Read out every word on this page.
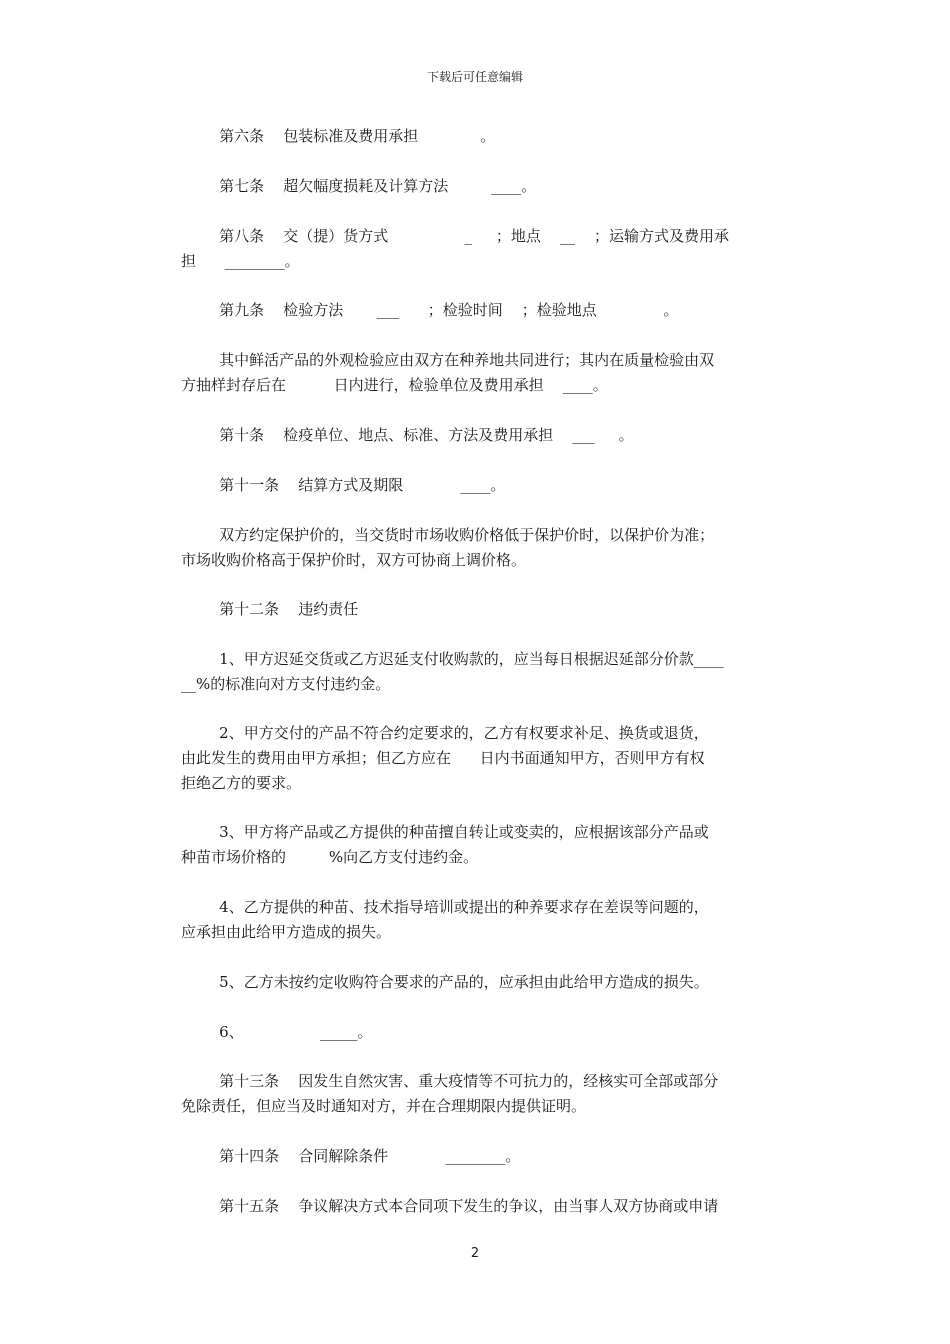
下载后可任意编辑
第六条    包装标准及费用承担             。
第七条    超欠幅度损耗及计算方法         ____。
第八条    交（提）货方式                _     ；地点    __    ；运输方式及费用承
担      ________。
第九条    检验方法       ___      ；检验时间    ；检验地点              。
其中鲜活产品的外观检验应由双方在种养地共同进行；其内在质量检验由双
方抽样封存后在          日内进行，检验单位及费用承担    ____。
第十条    检疫单位、地点、标准、方法及费用承担    ___     。
第十一条    结算方式及期限            ____。
双方约定保护价的，当交货时市场收购价格低于保护价时，以保护价为准；
市场收购价格高于保护价时，双方可协商上调价格。
第十二条    违约责任
1、甲方迟延交货或乙方迟延支付收购款的，应当每日根据迟延部分价款____
__%的标准向对方支付违约金。
2、甲方交付的产品不符合约定要求的，乙方有权要求补足、换货或退货，
由此发生的费用由甲方承担；但乙方应在      日内书面通知甲方，否则甲方有权
拒绝乙方的要求。
3、甲方将产品或乙方提供的种苗擅自转让或变卖的，应根据该部分产品或
种苗市场价格的         %向乙方支付违约金。
4、乙方提供的种苗、技术指导培训或提出的种养要求存在差误等问题的，
应承担由此给甲方造成的损失。
5、乙方未按约定收购符合要求的产品的，应承担由此给甲方造成的损失。
6、                _____。
第十三条    因发生自然灾害、重大疫情等不可抗力的，经核实可全部或部分
免除责任，但应当及时通知对方，并在合理期限内提供证明。
第十四条    合同解除条件            ________。
第十五条    争议解决方式本合同项下发生的争议，由当事人双方协商或申请
2
